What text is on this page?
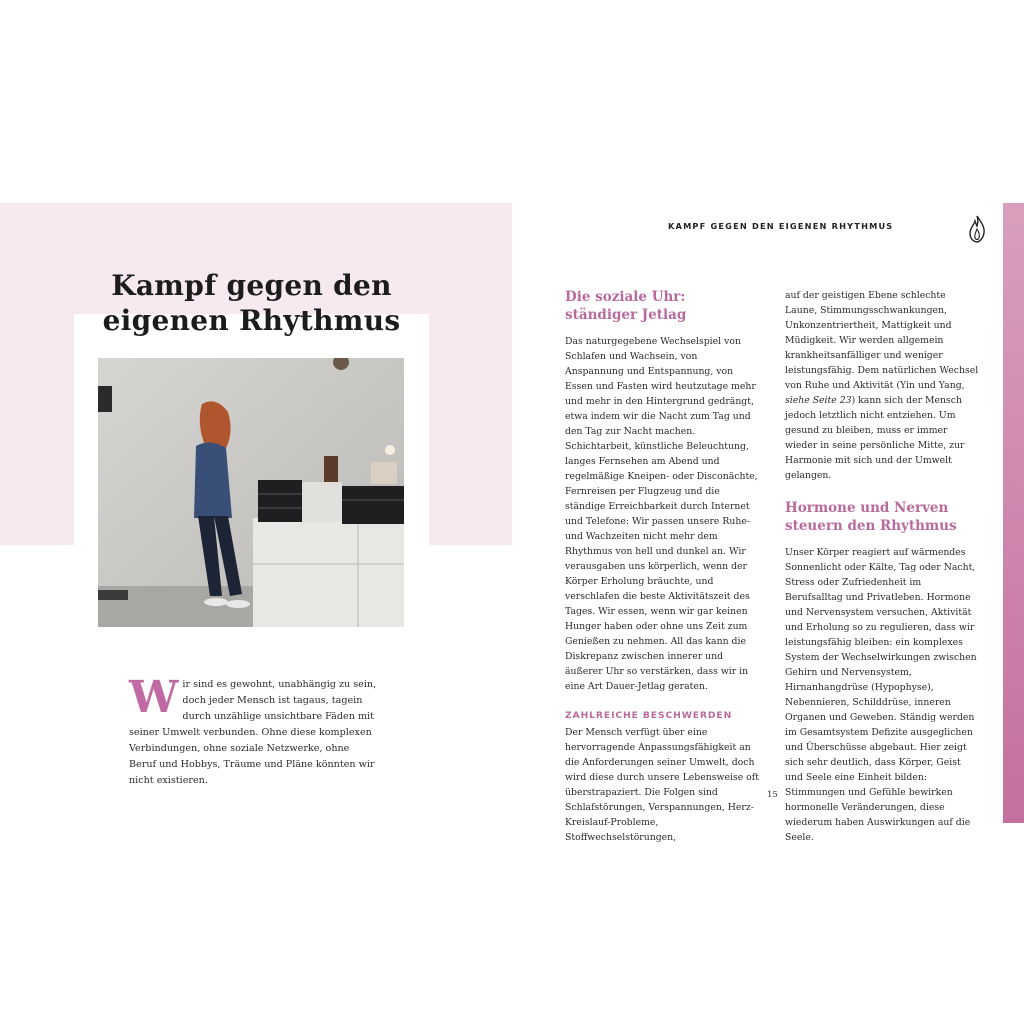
Kampf gegen den
eigenen Rhythmus

W ir sind es gewohnt, unabhängig zu sein, doch jeder Mensch ist tagaus, tagein durch unzählige unsichtbare Fäden mit seiner Umwelt verbunden. Ohne diese komplexen Verbindungen, ohne soziale Netzwerke, ohne Beruf und Hobbys, Träume und Pläne könnten wir nicht existieren.

KAMPF GEGEN DEN EIGENEN RHYTHMUS
Die soziale Uhr: ständiger Jetlag

Das naturgegebene Wechselspiel von Schlafen und Wachsein, von Anspannung und Entspannung, von Essen und Fasten wird heutzutage mehr und mehr in den Hintergrund gedrängt, etwa indem wir die Nacht zum Tag und den Tag zur Nacht machen. Schichtarbeit, künstliche Beleuchtung, langes Fernsehen am Abend und regelmäßige Kneipen- oder Disconächte, Fernreisen per Flugzeug und die ständige Erreichbarkeit durch Internet und Telefone: Wir passen unsere Ruhe- und Wachzeiten nicht mehr dem Rhythmus von hell und dunkel an. Wir verausgaben uns körperlich, wenn der Körper Erholung bräuchte, und verschlafen die beste Aktivitätszeit des Tages. Wir essen, wenn wir gar keinen Hunger haben oder ohne uns Zeit zum Genießen zu nehmen. All das kann die Diskrepanz zwischen innerer und äußerer Uhr so verstärken, dass wir in eine Art Dauer-Jetlag geraten.

ZAHLREICHE BESCHWERDEN

Der Mensch verfügt über eine hervorragende Anpassungsfähigkeit an die Anforderungen seiner Umwelt, doch wird diese durch unsere Lebensweise oft überstrapaziert. Die Folgen sind Schlafstörungen, Verspannungen, Herz-Kreislauf-Probleme, Stoffwechselstörungen,

auf der geistigen Ebene schlechte Laune, Stimmungsschwankungen, Unkonzentriertheit, Mattigkeit und Müdigkeit. Wir werden allgemein krankheitsanfälliger und weniger leistungsfähig. Dem natürlichen Wechsel von Ruhe und Aktivität (Yin und Yang, siehe Seite 23) kann sich der Mensch jedoch letztlich nicht entziehen. Um gesund zu bleiben, muss er immer wieder in seine persönliche Mitte, zur Harmonie mit sich und der Umwelt gelangen.

Hormone und Nerven steuern den Rhythmus

Unser Körper reagiert auf wärmendes Sonnenlicht oder Kälte, Tag oder Nacht, Stress oder Zufriedenheit im Berufsalltag und Privatleben. Hormone und Nervensystem versuchen, Aktivität und Erholung so zu regulieren, dass wir leistungsfähig bleiben: ein komplexes System der Wechselwirkungen zwischen Gehirn und Nervensystem, Hirnanhangdrüse (Hypophyse), Nebennieren, Schilddrüse, inneren Organen und Geweben. Ständig werden im Gesamtsystem Defizite ausgeglichen und Überschüsse abgebaut. Hier zeigt sich sehr deutlich, dass Körper, Geist und Seele eine Einheit bilden: Stimmungen und Gefühle bewirken hormonelle Veränderungen, diese wiederum haben Auswirkungen auf die Seele.

15
